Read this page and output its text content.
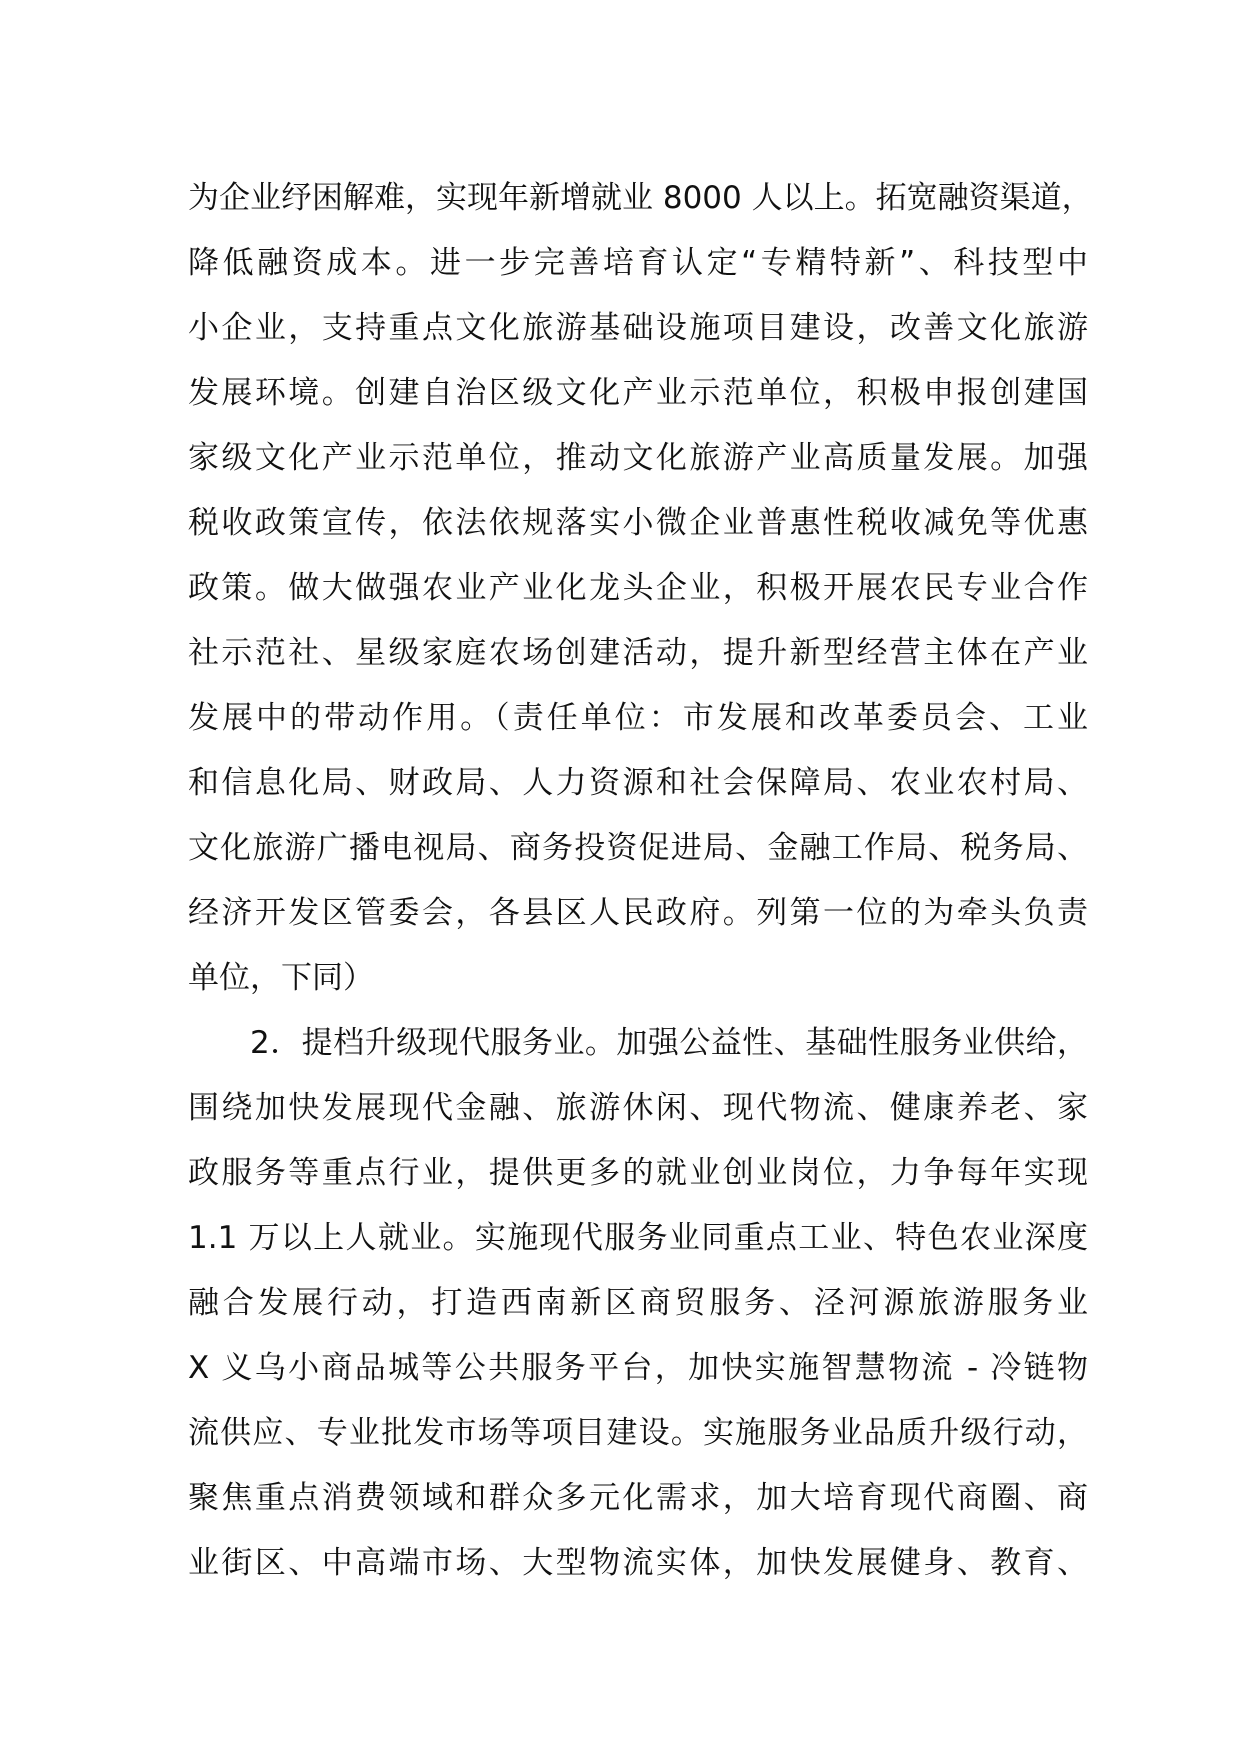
为企业纾困解难，实现年新增就业 8000 人以上。拓宽融资渠道，
降低融资成本。进一步完善培育认定“专精特新”、科技型中
小企业，支持重点文化旅游基础设施项目建设，改善文化旅游
发展环境。创建自治区级文化产业示范单位，积极申报创建国
家级文化产业示范单位，推动文化旅游产业高质量发展。加强
税收政策宣传，依法依规落实小微企业普惠性税收减免等优惠
政策。做大做强农业产业化龙头企业，积极开展农民专业合作
社示范社、星级家庭农场创建活动，提升新型经营主体在产业
发展中的带动作用。（责任单位：市发展和改革委员会、工业
和信息化局、财政局、人力资源和社会保障局、农业农村局、
文化旅游广播电视局、商务投资促进局、金融工作局、税务局、
经济开发区管委会，各县区人民政府。列第一位的为牵头负责
单位，下同）
2．提档升级现代服务业。加强公益性、基础性服务业供给，
围绕加快发展现代金融、旅游休闲、现代物流、健康养老、家
政服务等重点行业，提供更多的就业创业岗位，力争每年实现
1.1 万以上人就业。实施现代服务业同重点工业、特色农业深度
融合发展行动，打造西南新区商贸服务、泾河源旅游服务业
X 义乌小商品城等公共服务平台，加快实施智慧物流 - 冷链物
流供应、专业批发市场等项目建设。实施服务业品质升级行动，
聚焦重点消费领域和群众多元化需求，加大培育现代商圈、商
业街区、中高端市场、大型物流实体，加快发展健身、教育、
